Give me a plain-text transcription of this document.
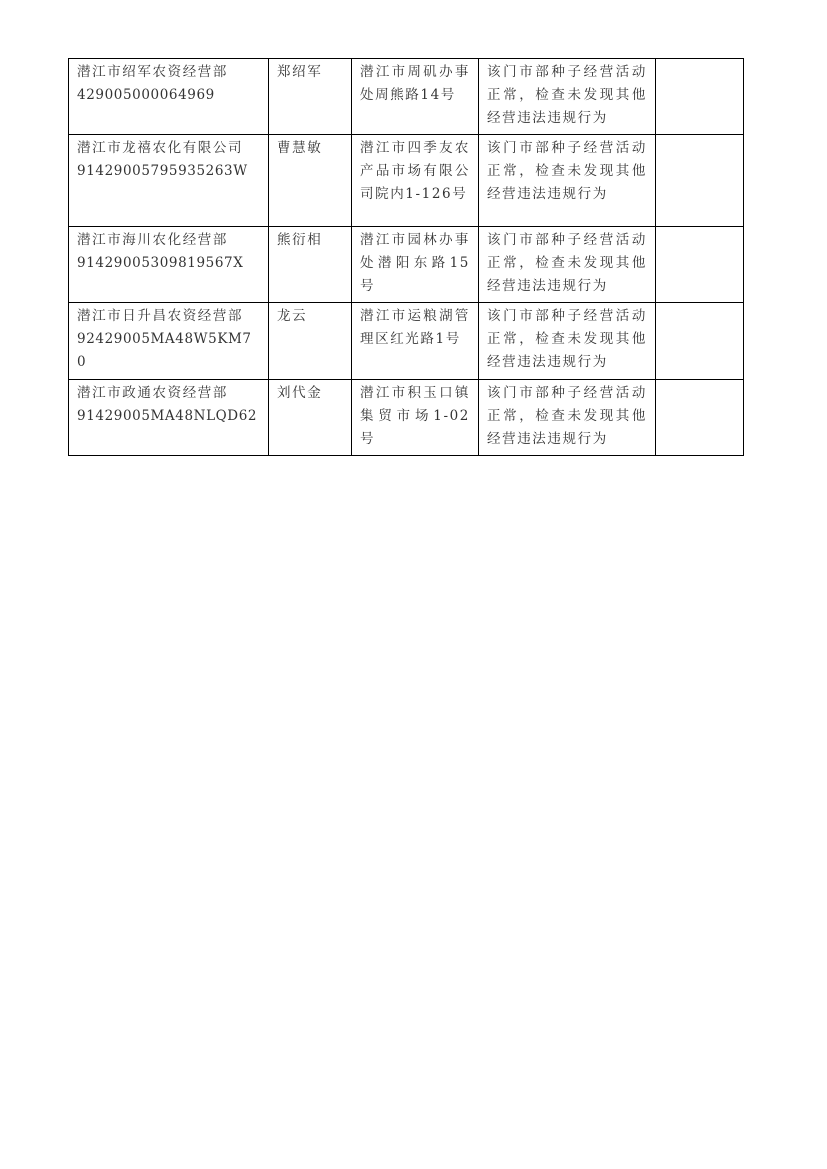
潜江市绍军农资经营部
429005000064969	郑绍军	潜江市周矶办事处周熊路14号	该门市部种子经营活动正常，检查未发现其他经营违法违规行为	
潜江市龙禧农化有限公司
91429005795935263W	曹慧敏	潜江市四季友农产品市场有限公司院内1-126号	该门市部种子经营活动正常，检查未发现其他经营违法违规行为	
潜江市海川农化经营部
91429005309819567X	熊衍相	潜江市园林办事处潜阳东路15号	该门市部种子经营活动正常，检查未发现其他经营违法违规行为	
潜江市日升昌农资经营部
92429005MA48W5KM70	龙云	潜江市运粮湖管理区红光路1号	该门市部种子经营活动正常，检查未发现其他经营违法违规行为	
潜江市政通农资经营部
91429005MA48NLQD62	刘代金	潜江市积玉口镇集贸市场1-02号	该门市部种子经营活动正常，检查未发现其他经营违法违规行为	
